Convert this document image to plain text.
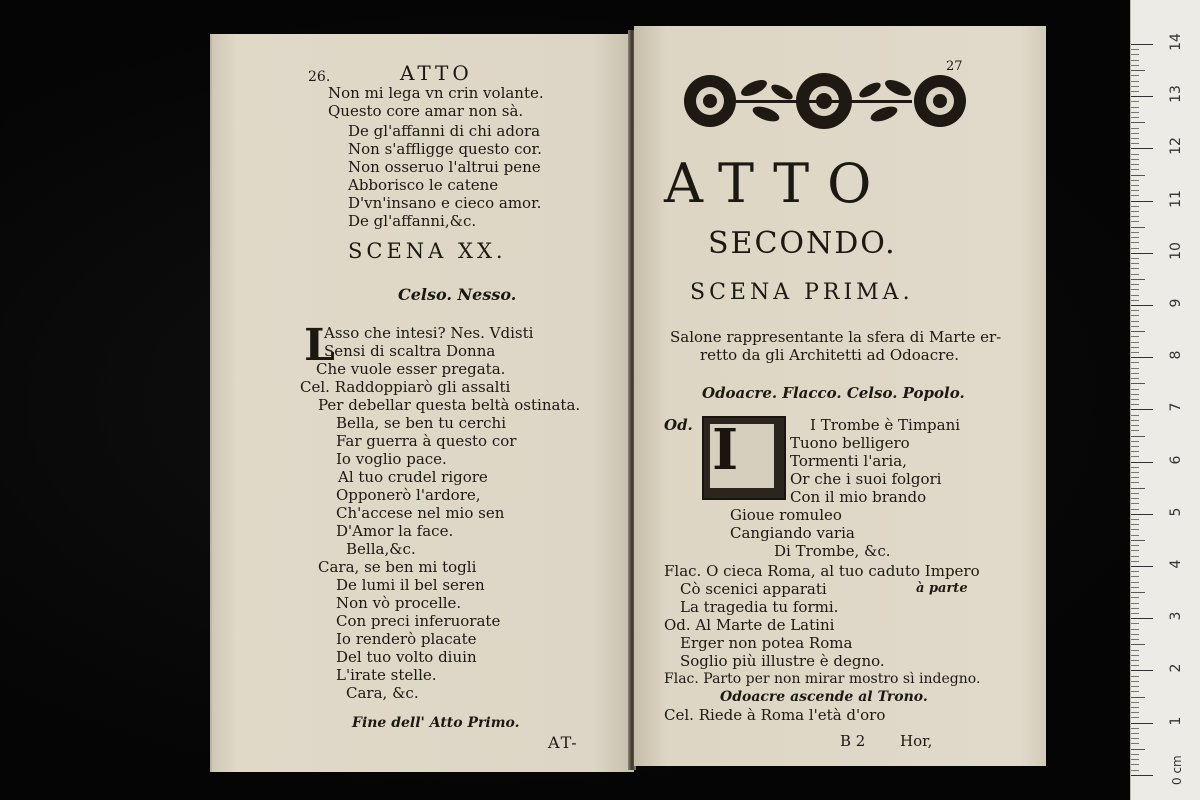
26.	ATTO
Non mi lega vn crin volante.
Questo core amar non sà.
De gl'affanni di chi adora
Non s'affligge questo cor.
Non osseruo l'altrui pene
Abborisco le catene
D'vn'insano e cieco amor.
De gl'affanni,&c.
SCENA XX.
Celso. Nesso.
L
Asso che intesi? Nes. Vdisti
Sensi di scaltra Donna
Che vuole esser pregata.
Cel. Raddoppiarò gli assalti
Per debellar questa beltà ostinata.
Bella, se ben tu cerchi
Far guerra à questo cor
Io voglio pace.
Al tuo crudel rigore
Opponerò l'ardore,
Ch'accese nel mio sen
D'Amor la face.
Bella,&c.
Cara, se ben mi togli
De lumi il bel seren
Non vò procelle.
Con preci inferuorate
Io renderò placate
Del tuo volto diuin
L'irate stelle.
Cara, &c.
Fine dell' Atto Primo.
AT-
27
ATTO
SECONDO.
SCENA PRIMA.
Salone rappresentante la sfera di Marte er-
retto da gli Architetti ad Odoacre.
Odoacre. Flacco. Celso. Popolo.
Od. I	I Trombe è Timpani
Tuono belligero
Tormenti l'aria,
Or che i suoi folgori
Con il mio brando
Gioue romuleo
Cangiando varia
Di Trombe, &c.
Flac. O cieca Roma, al tuo caduto Impero
Cò scenici apparati	à parte
La tragedia tu formi.
Od. Al Marte de Latini
Erger non potea Roma
Soglio più illustre è degno.
Flac. Parto per non mirar mostro sì indegno.
Odoacre ascende al Trono.
Cel. Riede à Roma l'età d'oro
B 2 Hor,
14
13
12
11
10
9
8
7
6
5
4
3
2
1
0 cm
